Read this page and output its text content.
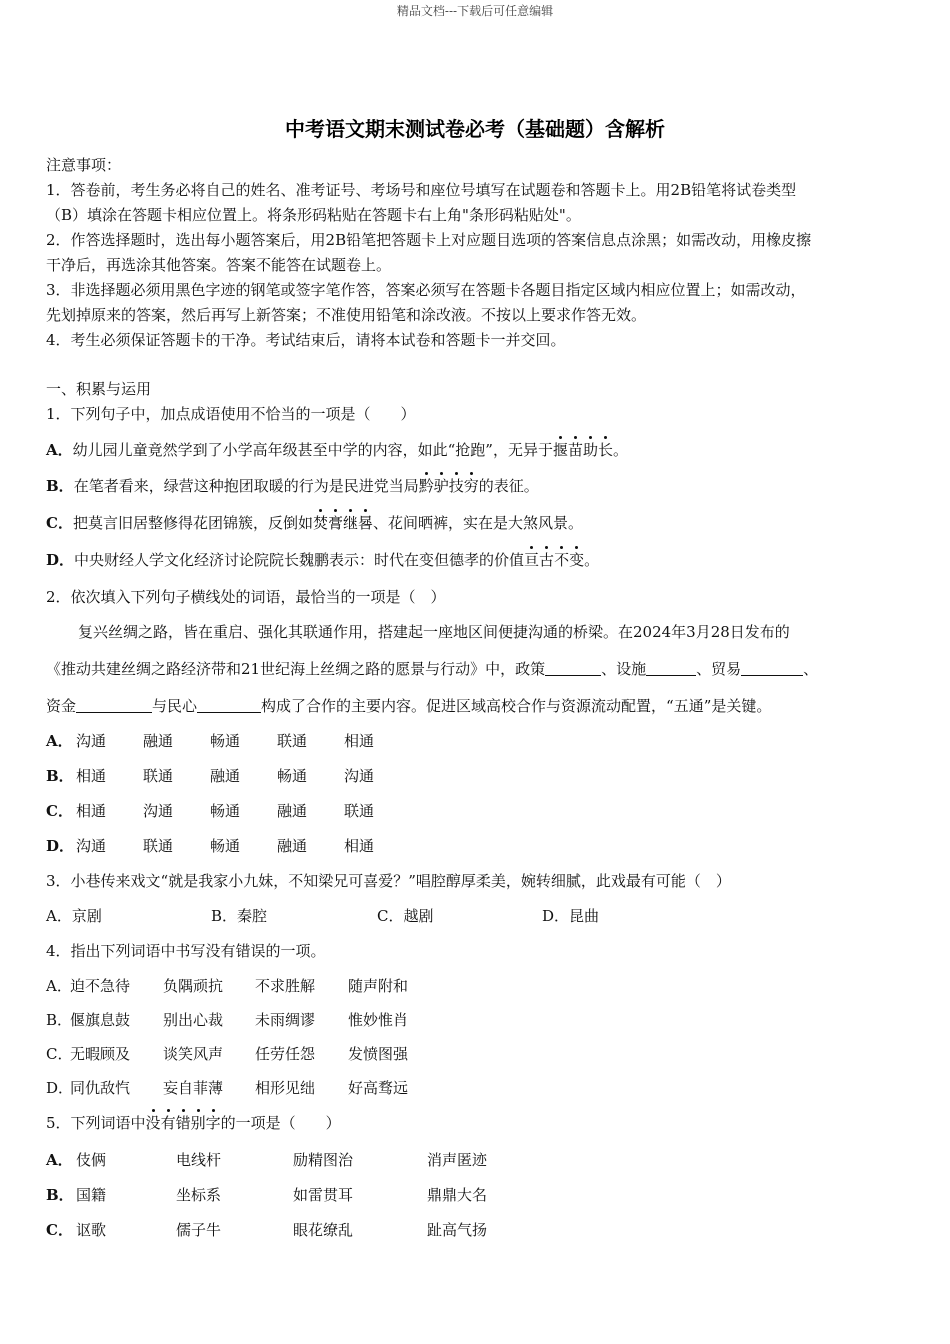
精品文档---下载后可任意编辑
中考语文期末测试卷必考（基础题）含解析
注意事项：
1．答卷前，考生务必将自己的姓名、准考证号、考场号和座位号填写在试题卷和答题卡上。用2B铅笔将试卷类型
（B）填涂在答题卡相应位置上。将条形码粘贴在答题卡右上角"条形码粘贴处"。
2．作答选择题时，选出每小题答案后，用2B铅笔把答题卡上对应题目选项的答案信息点涂黑；如需改动，用橡皮擦
干净后，再选涂其他答案。答案不能答在试题卷上。
3．非选择题必须用黑色字迹的钢笔或签字笔作答，答案必须写在答题卡各题目指定区域内相应位置上；如需改动，
先划掉原来的答案，然后再写上新答案；不准使用铅笔和涂改液。不按以上要求作答无效。
4．考生必须保证答题卡的干净。考试结束后，请将本试卷和答题卡一并交回。
一、积累与运用
1．下列句子中，加点成语使用不恰当的一项是（　　）
A．幼儿园儿童竟然学到了小学高年级甚至中学的内容，如此“抢跑”，无异于揠苗助长。
B．在笔者看来，绿营这种抱团取暖的行为是民进党当局黔驴技穷的表征。
C．把莫言旧居整修得花团锦簇，反倒如焚膏继晷、花间晒裤，实在是大煞风景。
D．中央财经人学文化经济讨论院院长魏鹏表示：时代在变但德孝的价值亘古不变。
2．依次填入下列句子横线处的词语，最恰当的一项是（　）
复兴丝绸之路，皆在重启、强化其联通作用，搭建起一座地区间便捷沟通的桥梁。在2024年3月28日发布的
《推动共建丝绸之路经济带和21世纪海上丝绸之路的愿景与行动》中，政策	、设施	、贸易	、
资金	与民心	构成了合作的主要内容。促进区域高校合作与资源流动配置，“五通”是关键。
A． 沟通 融通 畅通 联通 相通
B． 相通 联通 融通 畅通 沟通
C． 相通 沟通 畅通 融通 联通
D． 沟通 联通 畅通 融通 相通
3．小巷传来戏文“就是我家小九妹，不知梁兄可喜爱？”唱腔醇厚柔美，婉转细腻，此戏最有可能（　）
A．京剧	B．秦腔	C．越剧	D．昆曲
4．指出下列词语中书写没有错误的一项。
A．迫不急待 负隅顽抗 不求胜解 随声附和
B．偃旗息鼓 别出心裁 未雨绸谬 惟妙惟肖
C．无暇顾及 谈笑风声 任劳任怨 发愤图强
D．同仇敌忾 妄自菲薄 相形见绌 好高骛远
5．下列词语中没有错别字的一项是（　　）
A． 伎俩	电线杆	励精图治	消声匿迹
B． 国籍	坐标系	如雷贯耳	鼎鼎大名
C． 讴歌	儒子牛	眼花缭乱	趾高气扬
